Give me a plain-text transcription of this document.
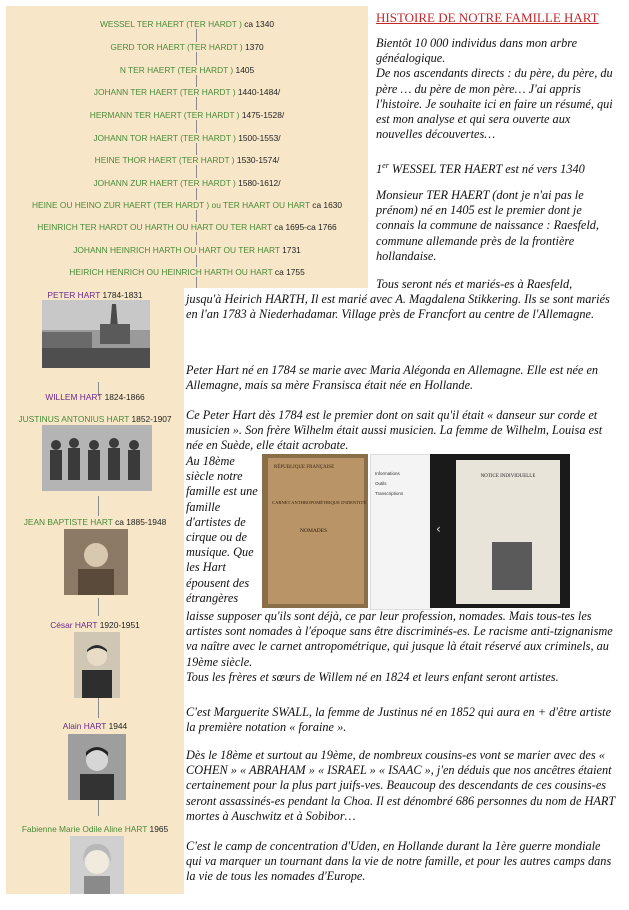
WESSEL TER HAERT (TER HARDT ) ca 1340
GERD TOR HAERT (TER HARDT ) 1370
N TER HAERT (TER HARDT ) 1405
JOHANN TER HAERT (TER HARDT ) 1440-1484/
HERMANN TER HAERT (TER HARDT ) 1475-1528/
JOHANN TOR HAERT (TER HARDT ) 1500-1553/
HEINE THOR HAERT (TER HARDT ) 1530-1574/
JOHANN ZUR HAERT (TER HARDT ) 1580-1612/
HEINE OU HEINO ZUR HAERT (TER HARDT ) ou TER HAART OU HART ca 1630
HEINRICH TER HARDT OU HARTH OU HART OU TER HART ca 1695-ca 1766
JOHANN HEINRICH HARTH OU HART OU TER HART 1731
HEIRICH HENRICH OU HEINRICH HARTH OU HART ca 1755
PETER HART 1784-1831
WILLEM HART 1824-1866
JUSTINUS ANTONIUS HART 1852-1907
JEAN BAPTISTE HART ca 1885-1948
César HART 1920-1951
Alain HART 1944
Fabienne Marie Odile Aline HART 1965
HISTOIRE DE NOTRE FAMILLE HART

Bientôt 10 000 individus dans mon arbre généalogique.
De nos ascendants directs : du père, du père, du père … du père de mon père… J'ai appris l'histoire. Je souhaite ici en faire un résumé, qui est mon analyse et qui sera ouverte aux nouvelles découvertes…

1er WESSEL TER HAERT est né vers 1340

Monsieur TER HAERT (dont je n'ai pas le prénom) né en 1405 est le premier dont je connais la commune de naissance : Raesfeld, commune allemande près de la frontière hollandaise.

Tous seront nés et mariés-es à Raesfeld,

jusqu'à Heirich HARTH, Il est marié avec A. Magdalena Stikkering. Ils se sont mariés en l'an 1783 à Niederhadamar. Village près de Francfort au centre de l'Allemagne.

Peter Hart né en 1784 se marie avec Maria Alégonda en Allemagne. Elle est née en Allemagne, mais sa mère Fransisca était née en Hollande.

Ce Peter Hart dès 1784 est le premier dont on sait qu'il était « danseur sur corde et musicien ». Son frère Wilhelm était aussi musicien. La femme de Wilhelm, Louisa est née en Suède, elle était acrobate.

Au 18ème siècle notre famille est une famille d'artistes de cirque ou de musique. Que les Hart épousent des étrangères

RÉPUBLIQUE FRANÇAISE
CARNET ANTHROPOMÉTRIQUE D'IDENTITÉ
NOMADES
Informations
Outils
Transcriptions
‹
NOTICE INDIVIDUELLE

laisse supposer qu'ils sont déjà, ce par leur profession, nomades. Mais tous-tes les artistes sont nomades à l'époque sans être discriminés-es. Le racisme anti-tzignanisme va naître avec le carnet antropométrique, qui jusque là était réservé aux criminels, au 19ème siècle.
Tous les frères et sœurs de Willem né en 1824 et leurs enfant seront artistes.

C'est Marguerite SWALL, la femme de Justinus né en 1852 qui aura en + d'être artiste la première notation « foraine ».

Dès le 18ème et surtout au 19ème, de nombreux cousins-es vont se marier avec des « COHEN » « ABRAHAM » « ISRAEL » « ISAAC », j'en déduis que nos ancêtres étaient certainement pour la plus part juifs-ves. Beaucoup des descendants de ces cousins-es seront assassinés-es pendant la Choa. Il est dénombré 686 personnes du nom de HART mortes à Auschwitz et à Sobibor…

C'est le camp de concentration d'Uden, en Hollande durant la 1ère guerre mondiale qui va marquer un tournant dans la vie de notre famille, et pour les autres camps dans la vie de tous les nomades d'Europe.
